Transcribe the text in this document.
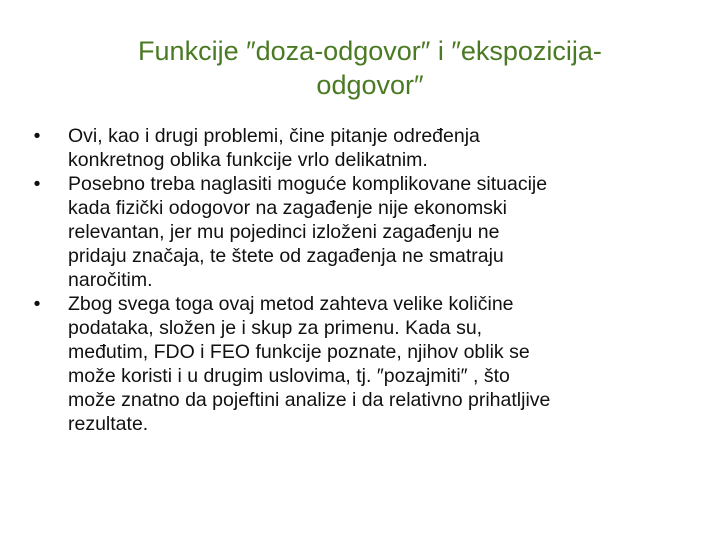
Funkcije ″doza-odgovor″ i ″ekspozicija-
odgovor″
• Ovi, kao i drugi problemi, čine pitanje određenja
konkretnog oblika funkcije vrlo delikatnim.
• Posebno treba naglasiti moguće komplikovane situacije
kada fizički odogovor na zagađenje nije ekonomski
relevantan, jer mu pojedinci izloženi zagađenju ne
pridaju značaja, te štete od zagađenja ne smatraju
naročitim.
• Zbog svega toga ovaj metod zahteva velike količine
podataka, složen je i skup za primenu. Kada su,
međutim, FDO i FEO funkcije poznate, njihov oblik se
može koristi i u drugim uslovima, tj. ″pozajmiti″ , što
može znatno da pojeftini analize i da relativno prihatljive
rezultate.
